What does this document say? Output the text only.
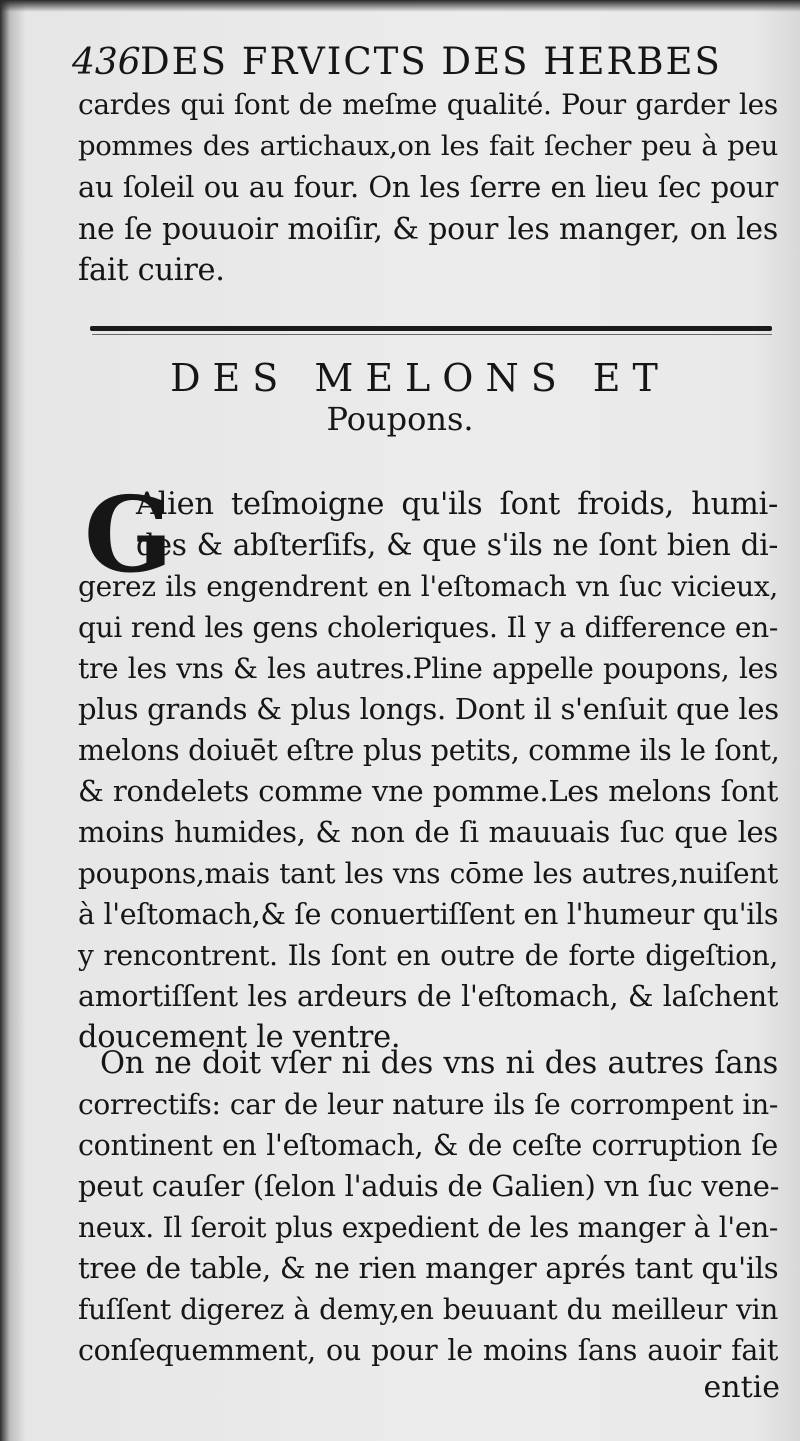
436DES FRVICTS DES HERBES
cardes qui ſont de meſme qualité. Pour garder les
pommes des artichaux,on les fait ſecher peu à peu
au ſoleil ou au four. On les ſerre en lieu ſec pour
ne ſe pouuoir moiſir, & pour les manger, on les
fait cuire.
DES MELONS ET
Poupons.
G
Alien teſmoigne qu'ils ſont froids, humi-
des & abſterſifs, & que s'ils ne ſont bien di-
gerez ils engendrent en l'eſtomach vn ſuc vicieux,
qui rend les gens choleriques. Il y a difference en-
tre les vns & les autres.Pline appelle poupons, les
plus grands & plus longs. Dont il s'enſuit que les
melons doiuēt eſtre plus petits, comme ils le ſont,
& rondelets comme vne pomme.Les melons ſont
moins humides, & non de ſi mauuais ſuc que les
poupons,mais tant les vns cōme les autres,nuiſent
à l'eſtomach,& ſe conuertiſſent en l'humeur qu'ils
y rencontrent. Ils ſont en outre de forte digeſtion,
amortiſſent les ardeurs de l'eſtomach, & laſchent
doucement le ventre.
On ne doit vſer ni des vns ni des autres ſans
correctifs: car de leur nature ils ſe corrompent in-
continent en l'eſtomach, & de ceſte corruption ſe
peut cauſer (ſelon l'aduis de Galien) vn ſuc vene-
neux. Il ſeroit plus expedient de les manger à l'en-
tree de table, & ne rien manger aprés tant qu'ils
fuſſent digerez à demy,en beuuant du meilleur vin
conſequemment, ou pour le moins ſans auoir fait
entie
